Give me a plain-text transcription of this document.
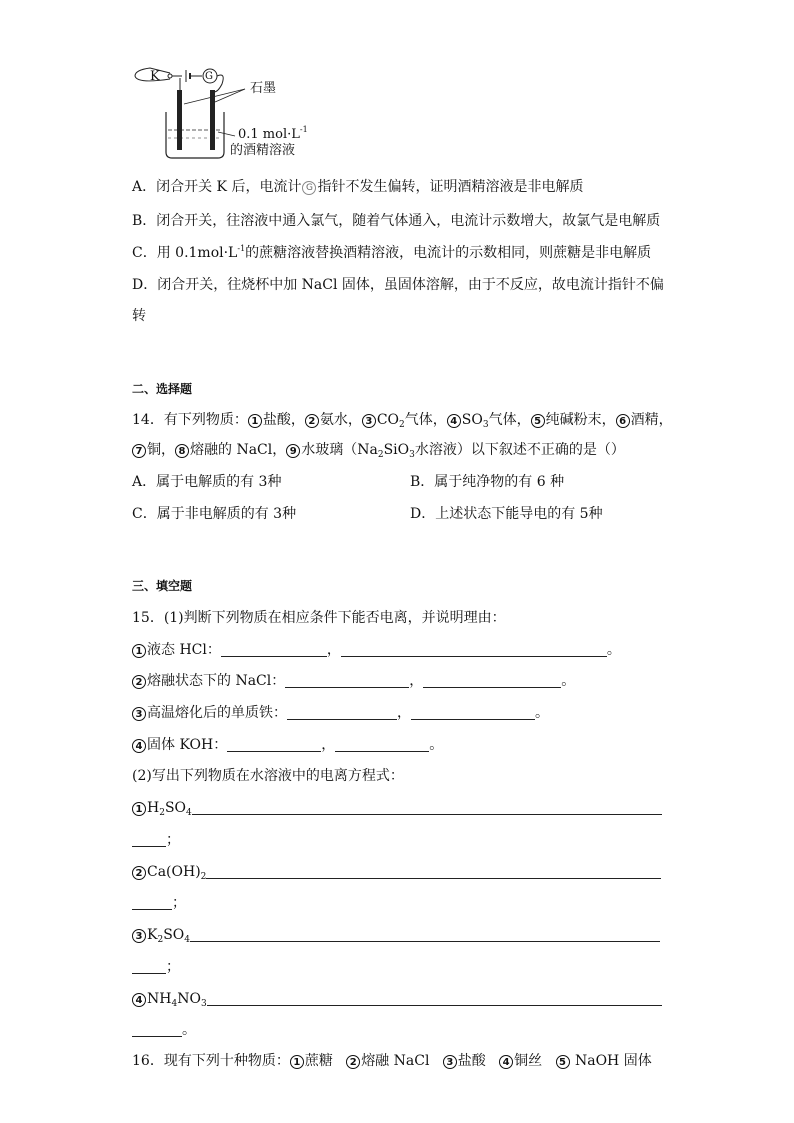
K	G
石墨
0.1 $mol\cdot L^{-1}$
的酒精溶液
A．闭合开关 K 后，电流计 G 指针不发生偏转，证明酒精溶液是非电解质
B．闭合开关，往溶液中通入氯气，随着气体通入，电流计示数增大，故氯气是电解质
C．用 $0.1mol\cdot L^{-1}$的蔗糖溶液替换酒精溶液，电流计的示数相同，则蔗糖是非电解质
D．闭合开关，往烧杯中加 NaCl 固体，虽固体溶解，由于不反应，故电流计指针不偏
转
二、选择题
14．有下列物质： 1 盐酸， 2 氨水， 3 $CO_2$气体， 4 $SO_3$气体， 5 纯碱粉末， 6 酒精，
7 铜， 8 熔融的 NaCl， 9 水玻璃（$Na_2SiO_3$水溶液）以下叙述不正确的是（）
A．属于电解质的有 3种	B．属于纯净物的有 6 种
C．属于非电解质的有 3种	D．上述状态下能导电的有 5种
三、填空题
15．(1)判断下列物质在相应条件下能否电离，并说明理由：
1 液态 HCl：	，	。
2 熔融状态下的 NaCl：	，	。
3 高温熔化后的单质铁：	，	。
4 固体 KOH：	，	。
(2)写出下列物质在水溶液中的电离方程式：
1 $H_2SO_4$
；
2 $Ca(OH)_2$
；
3 $K_2SO_4$
；
4 $NH_4NO_3$
。
16．现有下列十种物质： 1 蔗糖 2 熔融 NaCl 3 盐酸 4 铜丝 5 NaOH 固体
